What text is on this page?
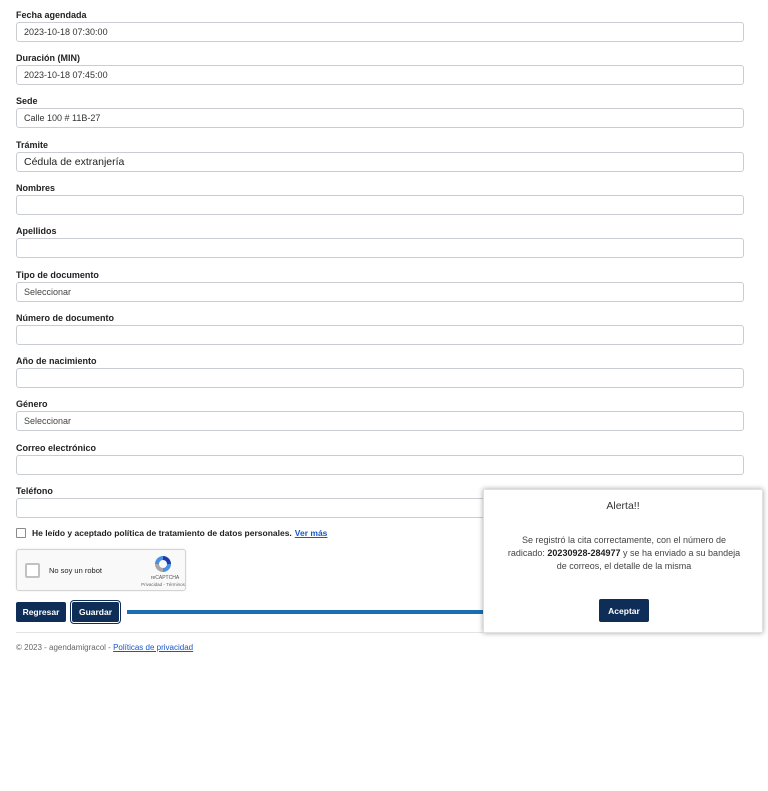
Fecha agendada
2023-10-18 07:30:00
Duración (MIN)
2023-10-18 07:45:00
Sede
Calle 100 # 11B-27
Trámite
Cédula de extranjería
Nombres
Apellidos
Tipo de documento
Seleccionar
Número de documento
Año de nacimiento
Género
Seleccionar
Correo electrónico
Teléfono
He leído y aceptado política de tratamiento de datos personales. Ver más
No soy un robot
reCAPTCHA
Privacidad - Términos
Regresar	Guardar
© 2023 - agendamigracol - Políticas de privacidad
Alerta!!
Se registró la cita correctamente, con el número de radicado: 20230928-284977 y se ha enviado a su bandeja de correos, el detalle de la misma
Aceptar
